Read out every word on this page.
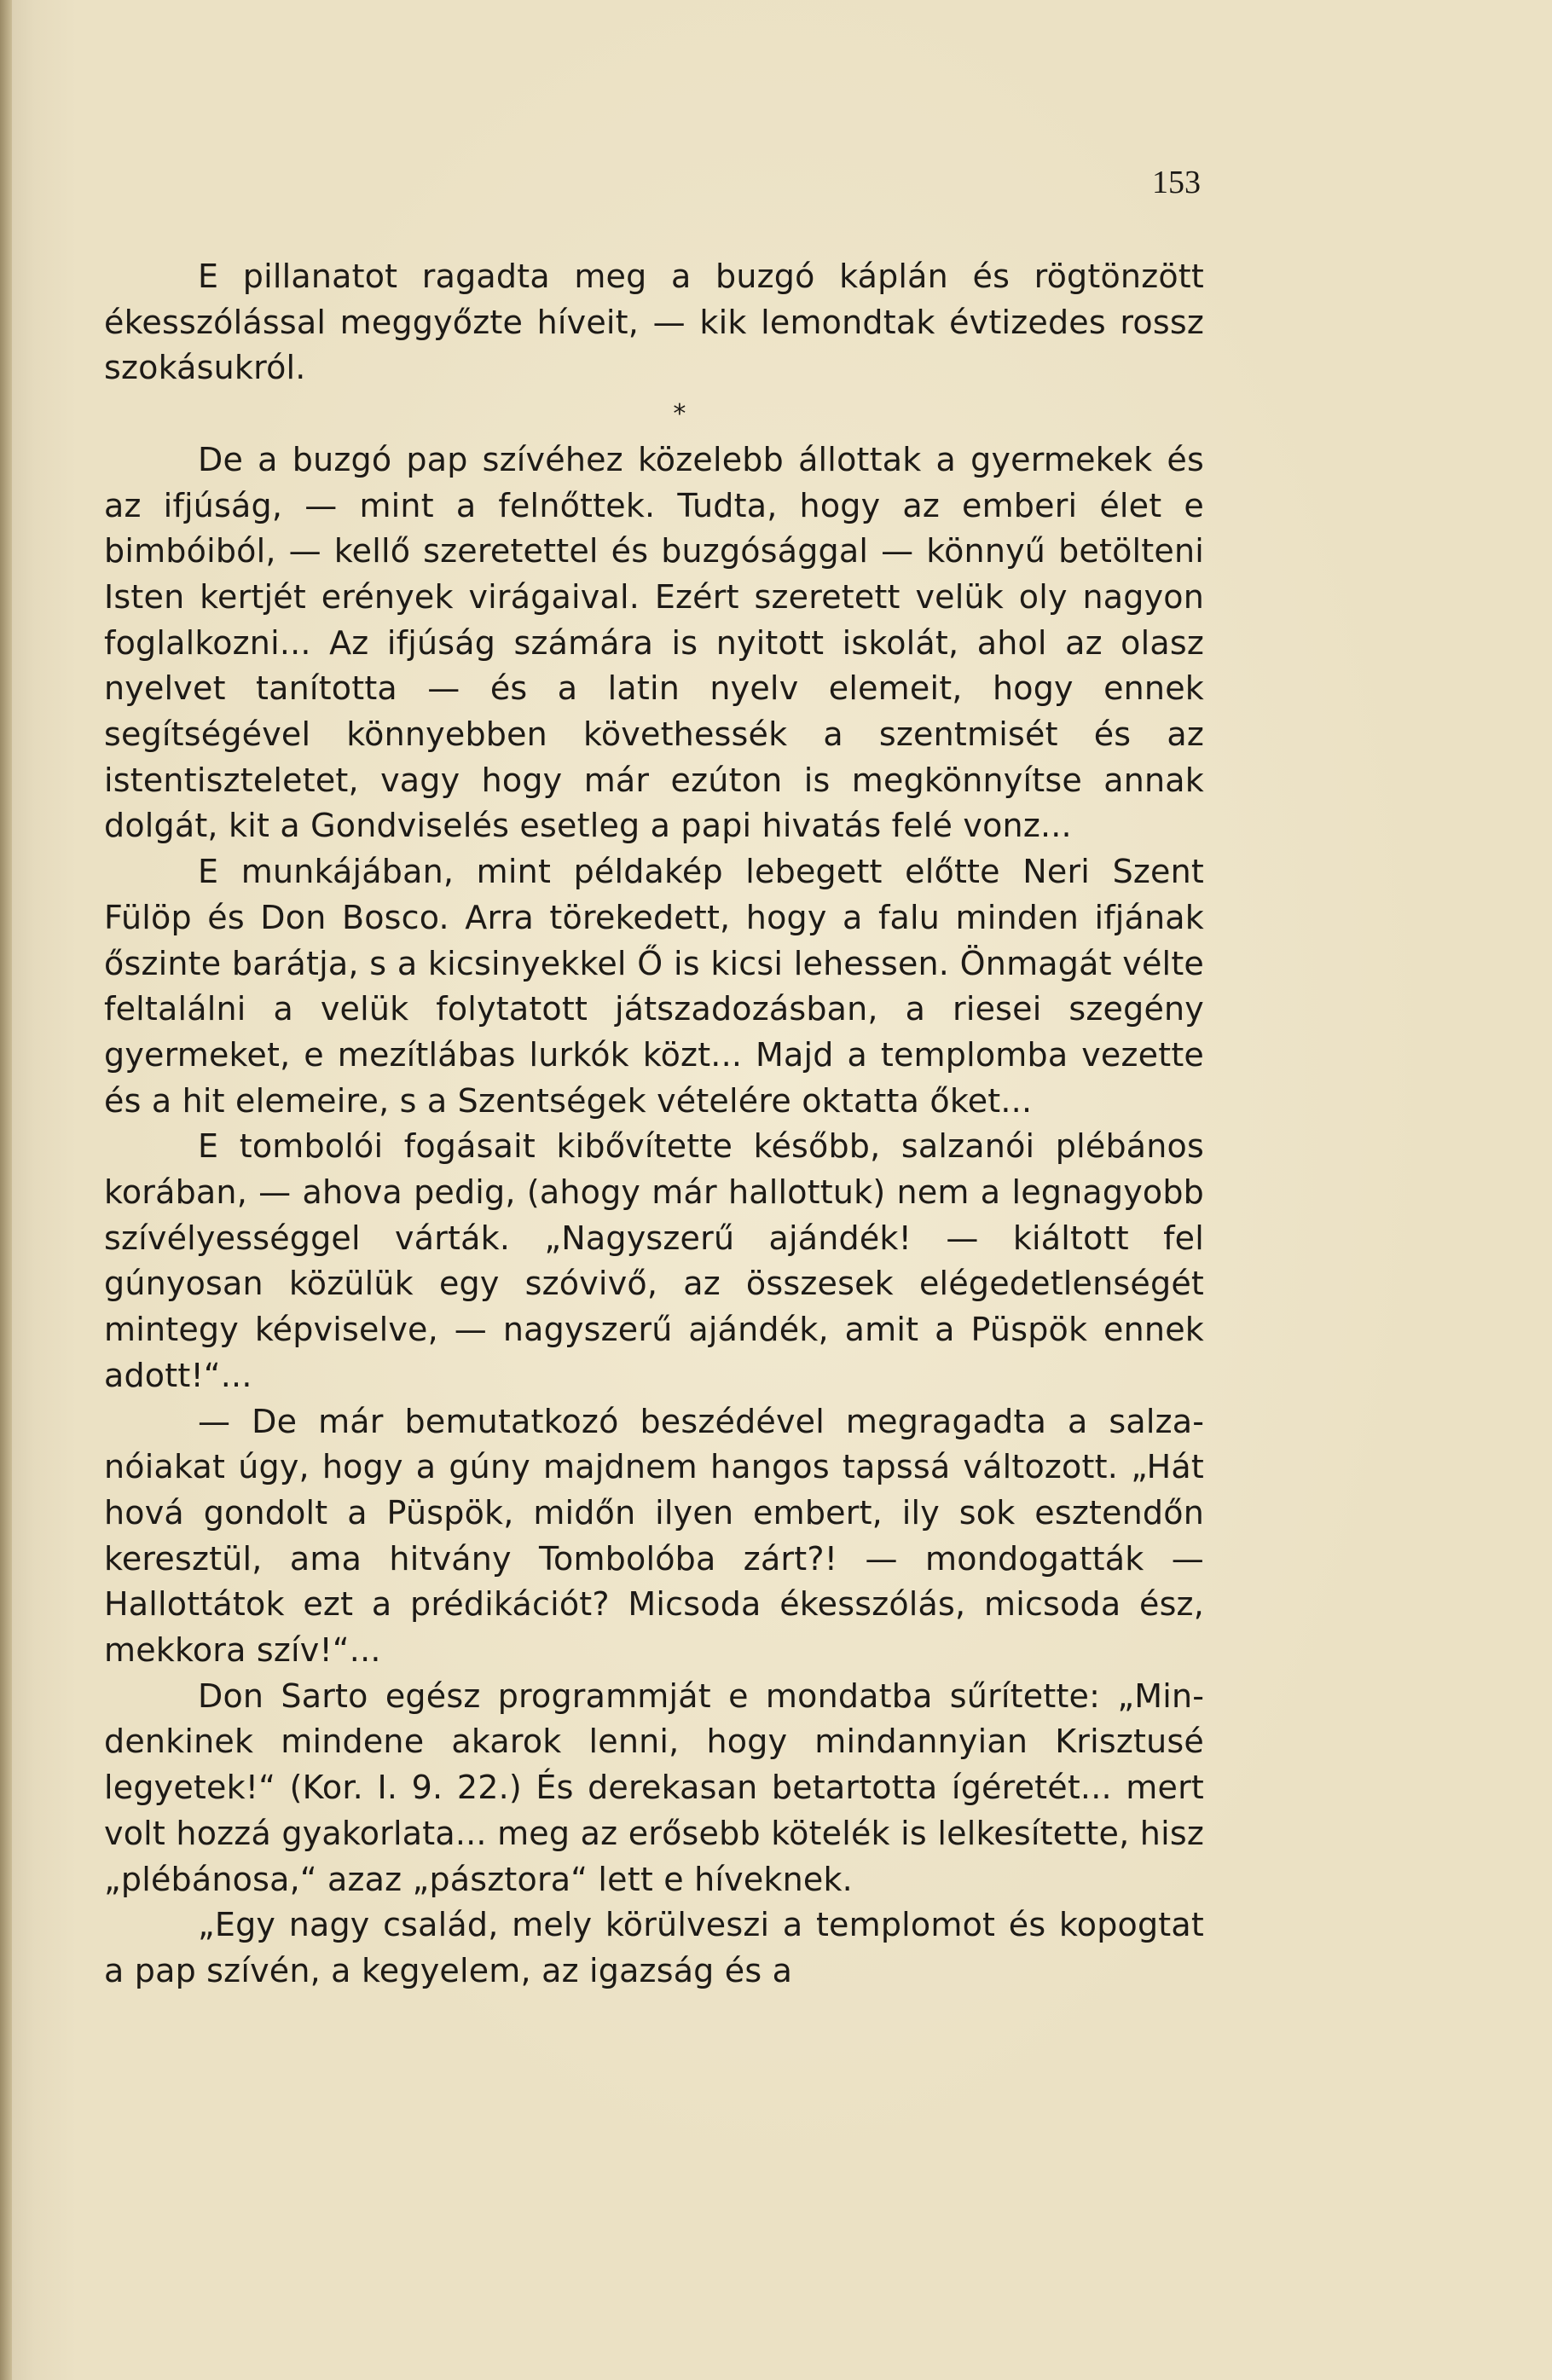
153

E pillanatot ragadta meg a buzgó káplán és rögtönzött ékesszólással meggyőzte híveit, — kik lemondtak évtizedes rossz szokásukról.

*

De a buzgó pap szívéhez közelebb állottak a gyermekek és az ifjúság, — mint a felnőttek. Tudta, hogy az emberi élet e bimbóiból, — kellő szeretettel és buzgósággal — könnyű betölteni Isten kertjét erények virágaival. Ezért szeretett velük oly nagyon foglalkozni... Az ifjúság számára is nyitott iskolát, ahol az olasz nyelvet tanította — és a latin nyelv elemeit, hogy ennek segítségével könnyebben követhessék a szentmisét és az istentiszteletet, vagy hogy már ezúton is megkönnyítse annak dolgát, kit a Gondviselés esetleg a papi hivatás felé vonz...

E munkájában, mint példakép lebegett előtte Neri Szent Fülöp és Don Bosco. Arra törekedett, hogy a falu minden ifjának őszinte barátja, s a kicsinyekkel Ő is kicsi lehessen. Önmagát vélte feltalálni a velük folytatott játszadozásban, a riesei szegény gyermeket, e mezítlábas lurkók közt... Majd a templomba vezette és a hit elemeire, s a Szentségek vételére oktatta őket...

E tombolói fogásait kibővítette később, salzanói plébános korában, — ahova pedig, (ahogy már hallottuk) nem a legnagyobb szívélyességgel várták. „Nagyszerű ajándék! — kiáltott fel gúnyosan közülük egy szóvivő, az összesek elégedetlenségét mintegy képviselve, — nagyszerű ajándék, amit a Püspök ennek adott!“...

— De már bemutatkozó beszédével megragadta a salzanóiakat úgy, hogy a gúny majdnem hangos tapssá változott. „Hát hová gondolt a Püspök, midőn ilyen embert, ily sok esztendőn keresztül, ama hitvány Tombolóba zárt?! — mondogatták — Hallottátok ezt a prédikációt? Micsoda ékesszólás, micsoda ész, mekkora szív!“...

Don Sarto egész programmját e mondatba sűrítette: „Mindenkinek mindene akarok lenni, hogy mindannyian Krisztusé legyetek!“ (Kor. I. 9. 22.) És derekasan betartotta ígéretét... mert volt hozzá gyakorlata... meg az erősebb kötelék is lelkesítette, hisz „plébánosa,“ azaz „pásztora“ lett e híveknek.

„Egy nagy család, mely körülveszi a templomot és kopogtat a pap szívén, a kegyelem, az igazság és a
